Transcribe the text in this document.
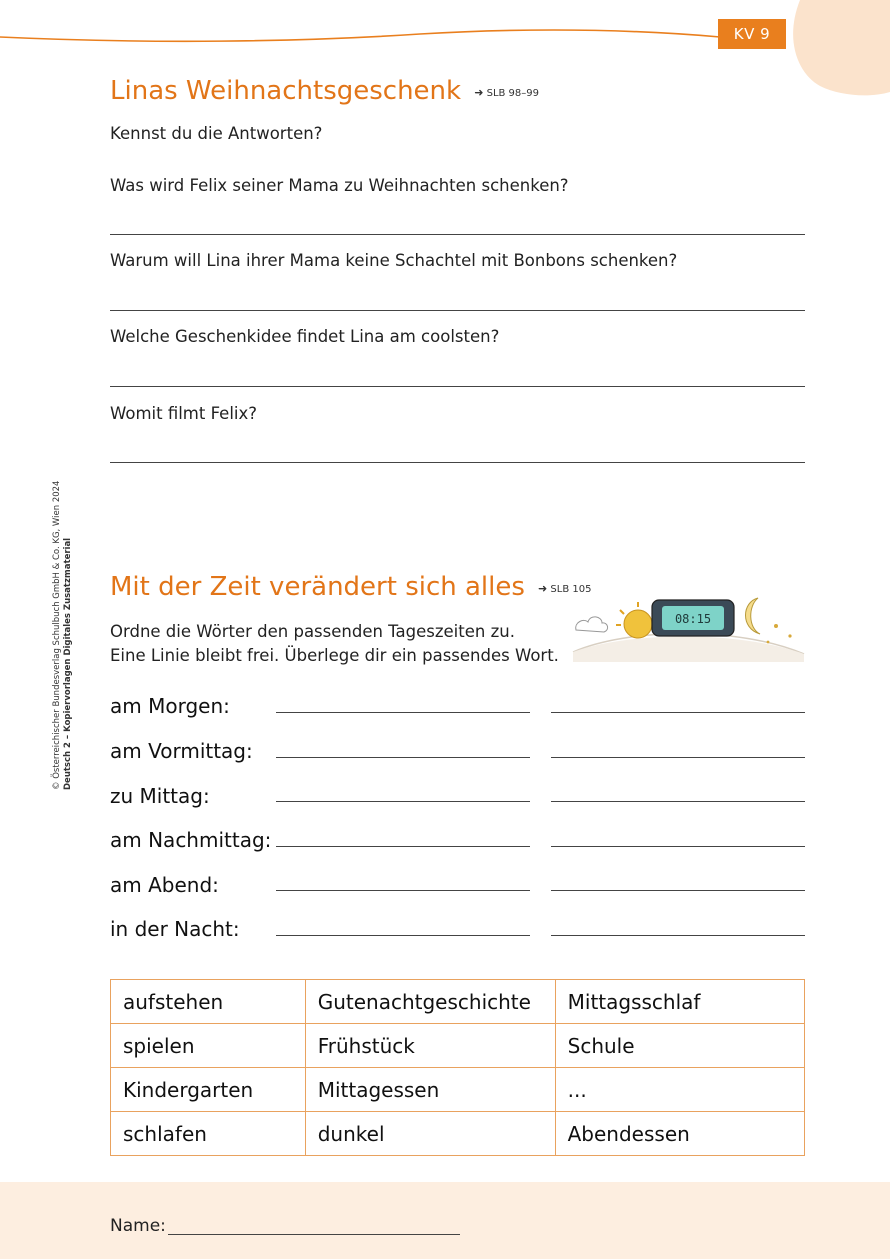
KV 9
© Österreichischer Bundesverlag Schulbuch GmbH & Co. KG, Wien 2024 Deutsch 2 – Kopiervorlagen Digitales Zusatzmaterial
Linas Weihnachtsgeschenk ➜ SLB 98–99
Kennst du die Antworten?
Was wird Felix seiner Mama zu Weihnachten schenken?
Warum will Lina ihrer Mama keine Schachtel mit Bonbons schenken?
Welche Geschenkidee findet Lina am coolsten?
Womit filmt Felix?
Mit der Zeit verändert sich alles ➜ SLB 105
Ordne die Wörter den passenden Tageszeiten zu.
Eine Linie bleibt frei. Überlege dir ein passendes Wort.
08:15
am Morgen:
am Vormittag:
zu Mittag:
am Nachmittag:
am Abend:
in der Nacht:
aufstehen	Gutenachtgeschichte	Mittagsschlaf
spielen	Frühstück	Schule
Kindergarten	Mittagessen	...
schlafen	dunkel	Abendessen
Name:
